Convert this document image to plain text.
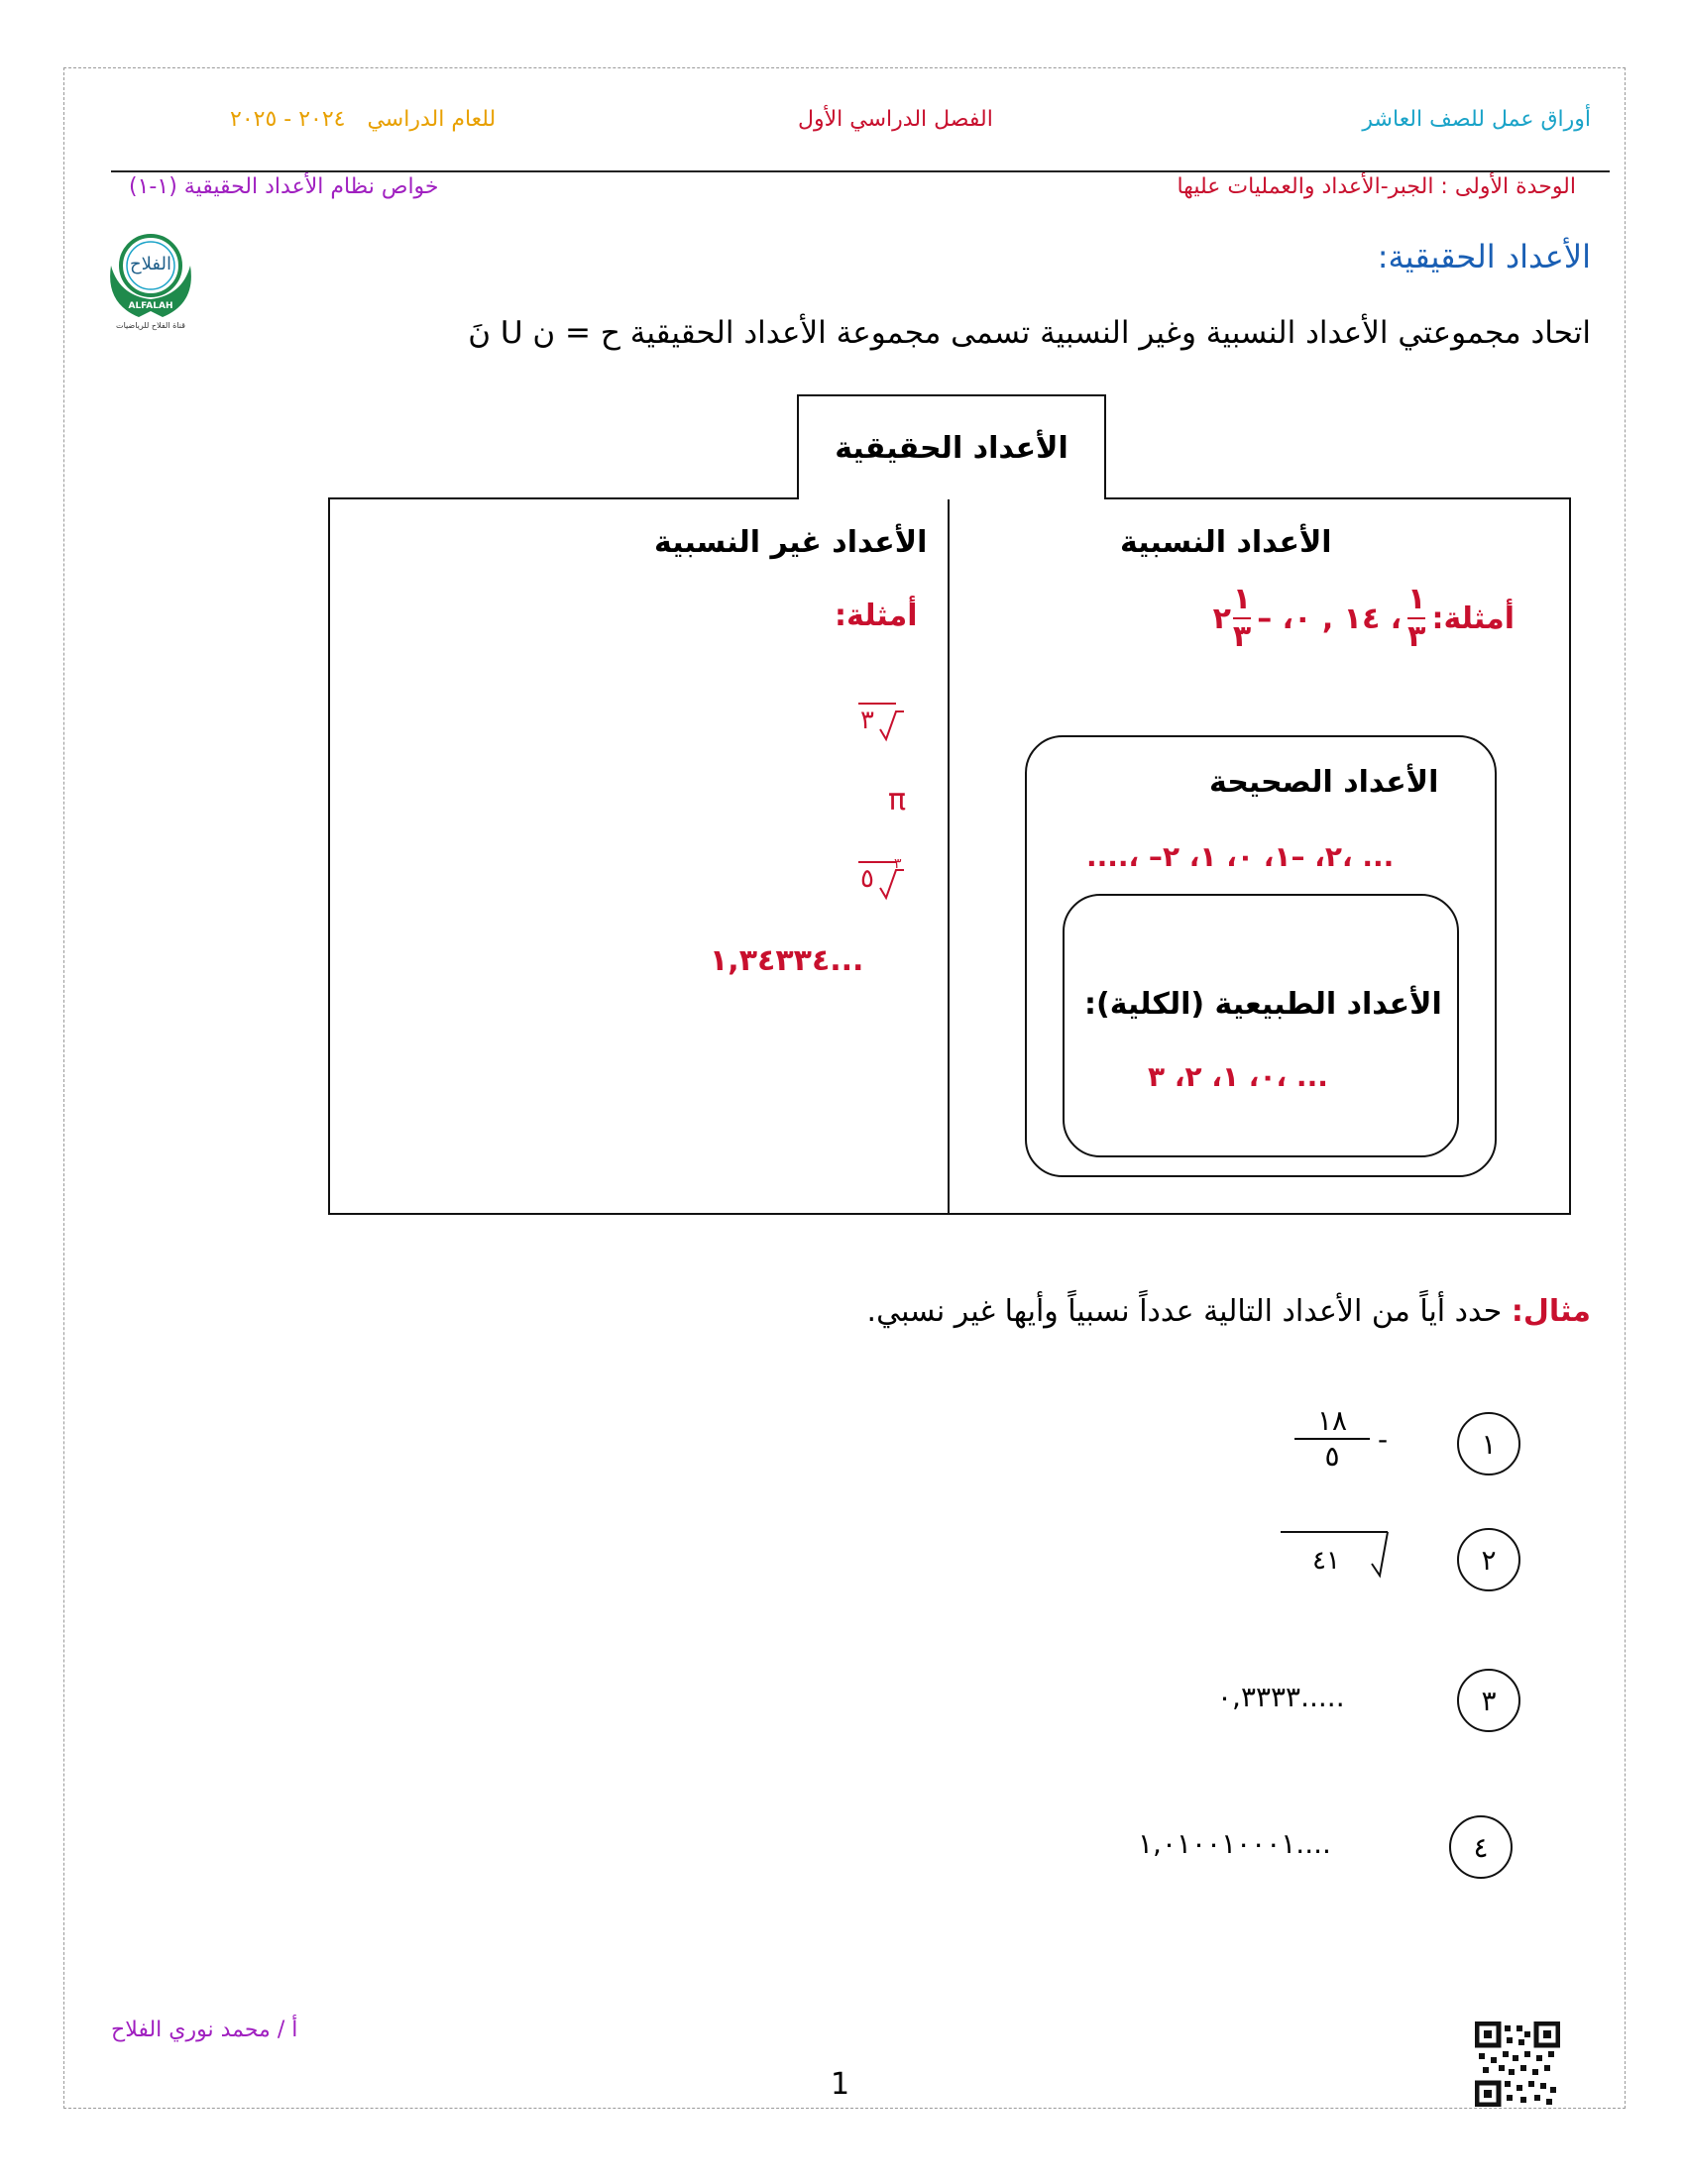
أوراق عمل للصف العاشر
الفصل الدراسي الأول
٢٠٢٤ - ٢٠٢٥ للعام الدراسي
الوحدة الأولى : الجبر-الأعداد والعمليات عليها
خواص نظام الأعداد الحقيقية (١-١)
الفلاح
ALFALAH
قناة الفلاح للرياضيات
الأعداد الحقيقية:
اتحاد مجموعتي الأعداد النسبية وغير النسبية تسمى مجموعة الأعداد الحقيقية ح = ن U نَ
الأعداد الحقيقية
الأعداد النسبية
أمثلة:
$\frac{١}{٣}$
، ١٤ , ٠، –
٢ $\frac{١}{٣}$
الأعداد الصحيحة
....، –٢، –١، ٠، ١، ٢، ...
الأعداد الطبيعية (الكلية):
٠، ١، ٢، ٣، ...
الأعداد غير النسبية
أمثلة:
٣
π
٥ ٣
١,٣٤٣٣٤...
مثال: حدد أياً من الأعداد التالية عدداً نسبياً وأيها غير نسبي.
١
$\frac{١٨}{٥}$ -
٢
٤١
٣
٠,٣٣٣٣.....
٤
١,٠١٠٠١٠٠٠١....
أ / محمد نوري الفلاح
1
